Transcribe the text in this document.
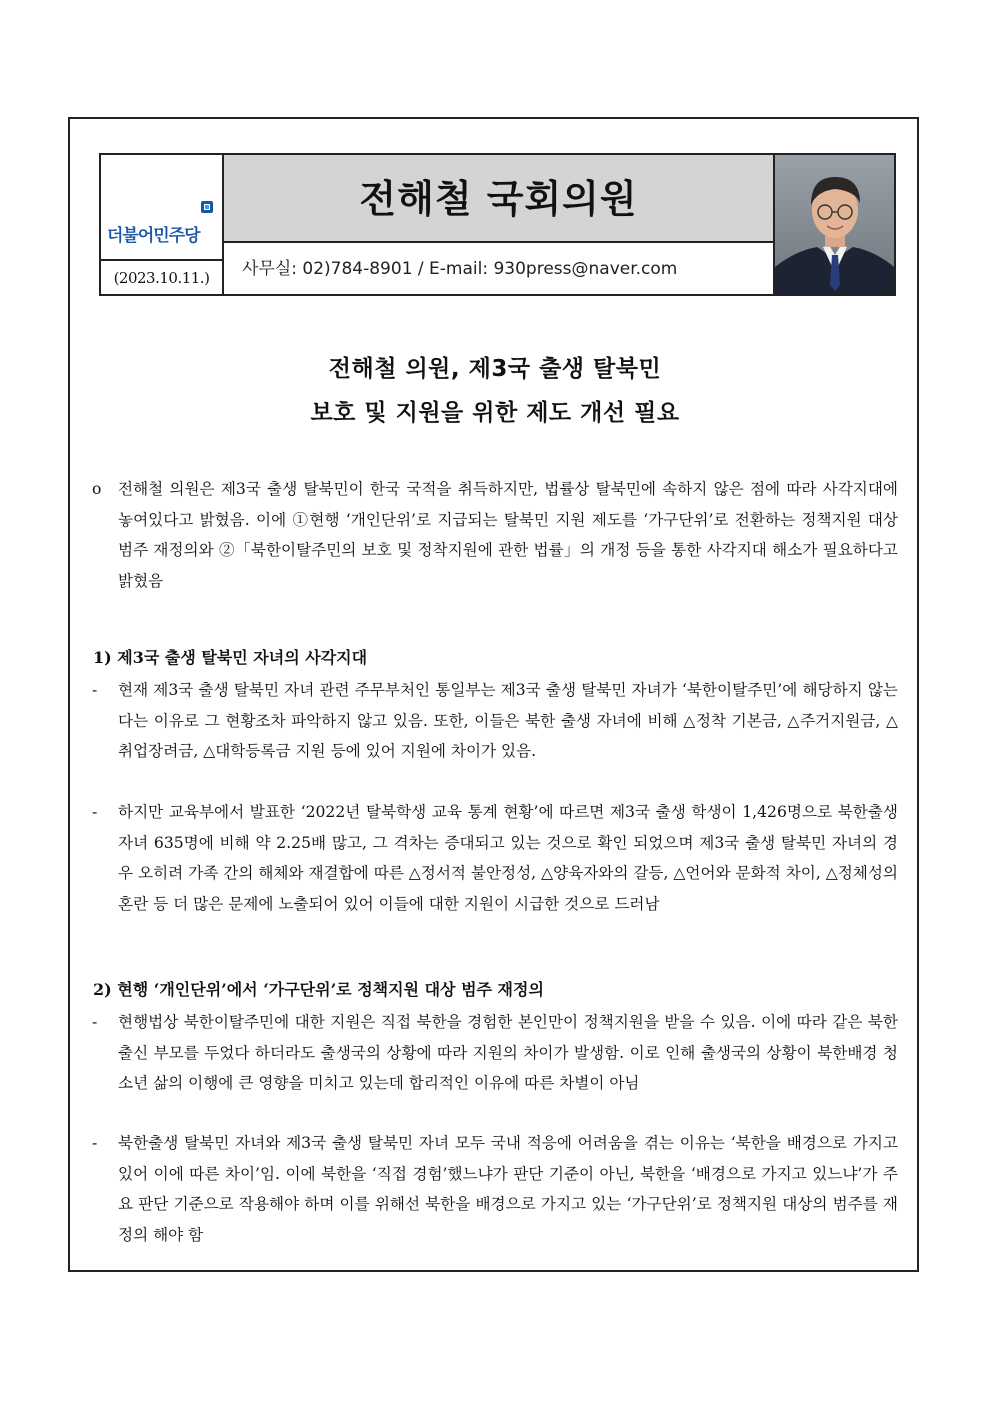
더불어민주당
(2023.10.11.)
전해철 국회의원
사무실: 02)784-8901 / E-mail: 930press@naver.com
전해철 의원, 제3국 출생 탈북민
보호 및 지원을 위한 제도 개선 필요
o 전해철 의원은 제3국 출생 탈북민이 한국 국적을 취득하지만, 법률상 탈북민에 속하지 않은 점에 따라 사각지대에 놓여있다고 밝혔음. 이에 ①현행 ‘개인단위’로 지급되는 탈북민 지원 제도를 ‘가구단위’로 전환하는 정책지원 대상 범주 재정의와 ②「북한이탈주민의 보호 및 정착지원에 관한 법률」의 개정 등을 통한 사각지대 해소가 필요하다고 밝혔음
1) 제3국 출생 탈북민 자녀의 사각지대
- 현재 제3국 출생 탈북민 자녀 관련 주무부처인 통일부는 제3국 출생 탈북민 자녀가 ‘북한이탈주민’에 해당하지 않는다는 이유로 그 현황조차 파악하지 않고 있음. 또한, 이들은 북한 출생 자녀에 비해 △정착 기본금, △주거지원금, △취업장려금, △대학등록금 지원 등에 있어 지원에 차이가 있음.
- 하지만 교육부에서 발표한 ‘2022년 탈북학생 교육 통계 현황’에 따르면 제3국 출생 학생이 1,426명으로 북한출생 자녀 635명에 비해 약 2.25배 많고, 그 격차는 증대되고 있는 것으로 확인 되었으며 제3국 출생 탈북민 자녀의 경우 오히려 가족 간의 해체와 재결합에 따른 △정서적 불안정성, △양육자와의 갈등, △언어와 문화적 차이, △정체성의 혼란 등 더 많은 문제에 노출되어 있어 이들에 대한 지원이 시급한 것으로 드러남
2) 현행 ‘개인단위’에서 ‘가구단위’로 정책지원 대상 범주 재정의
- 현행법상 북한이탈주민에 대한 지원은 직접 북한을 경험한 본인만이 정책지원을 받을 수 있음. 이에 따라 같은 북한 출신 부모를 두었다 하더라도 출생국의 상황에 따라 지원의 차이가 발생함. 이로 인해 출생국의 상황이 북한배경 청소년 삶의 이행에 큰 영향을 미치고 있는데 합리적인 이유에 따른 차별이 아님
- 북한출생 탈북민 자녀와 제3국 출생 탈북민 자녀 모두 국내 적응에 어려움을 겪는 이유는 ‘북한을 배경으로 가지고 있어 이에 따른 차이’임. 이에 북한을 ‘직접 경험’했느냐가 판단 기준이 아닌, 북한을 ‘배경으로 가지고 있느냐’가 주요 판단 기준으로 작용해야 하며 이를 위해선 북한을 배경으로 가지고 있는 ‘가구단위’로 정책지원 대상의 범주를 재정의 해야 함
